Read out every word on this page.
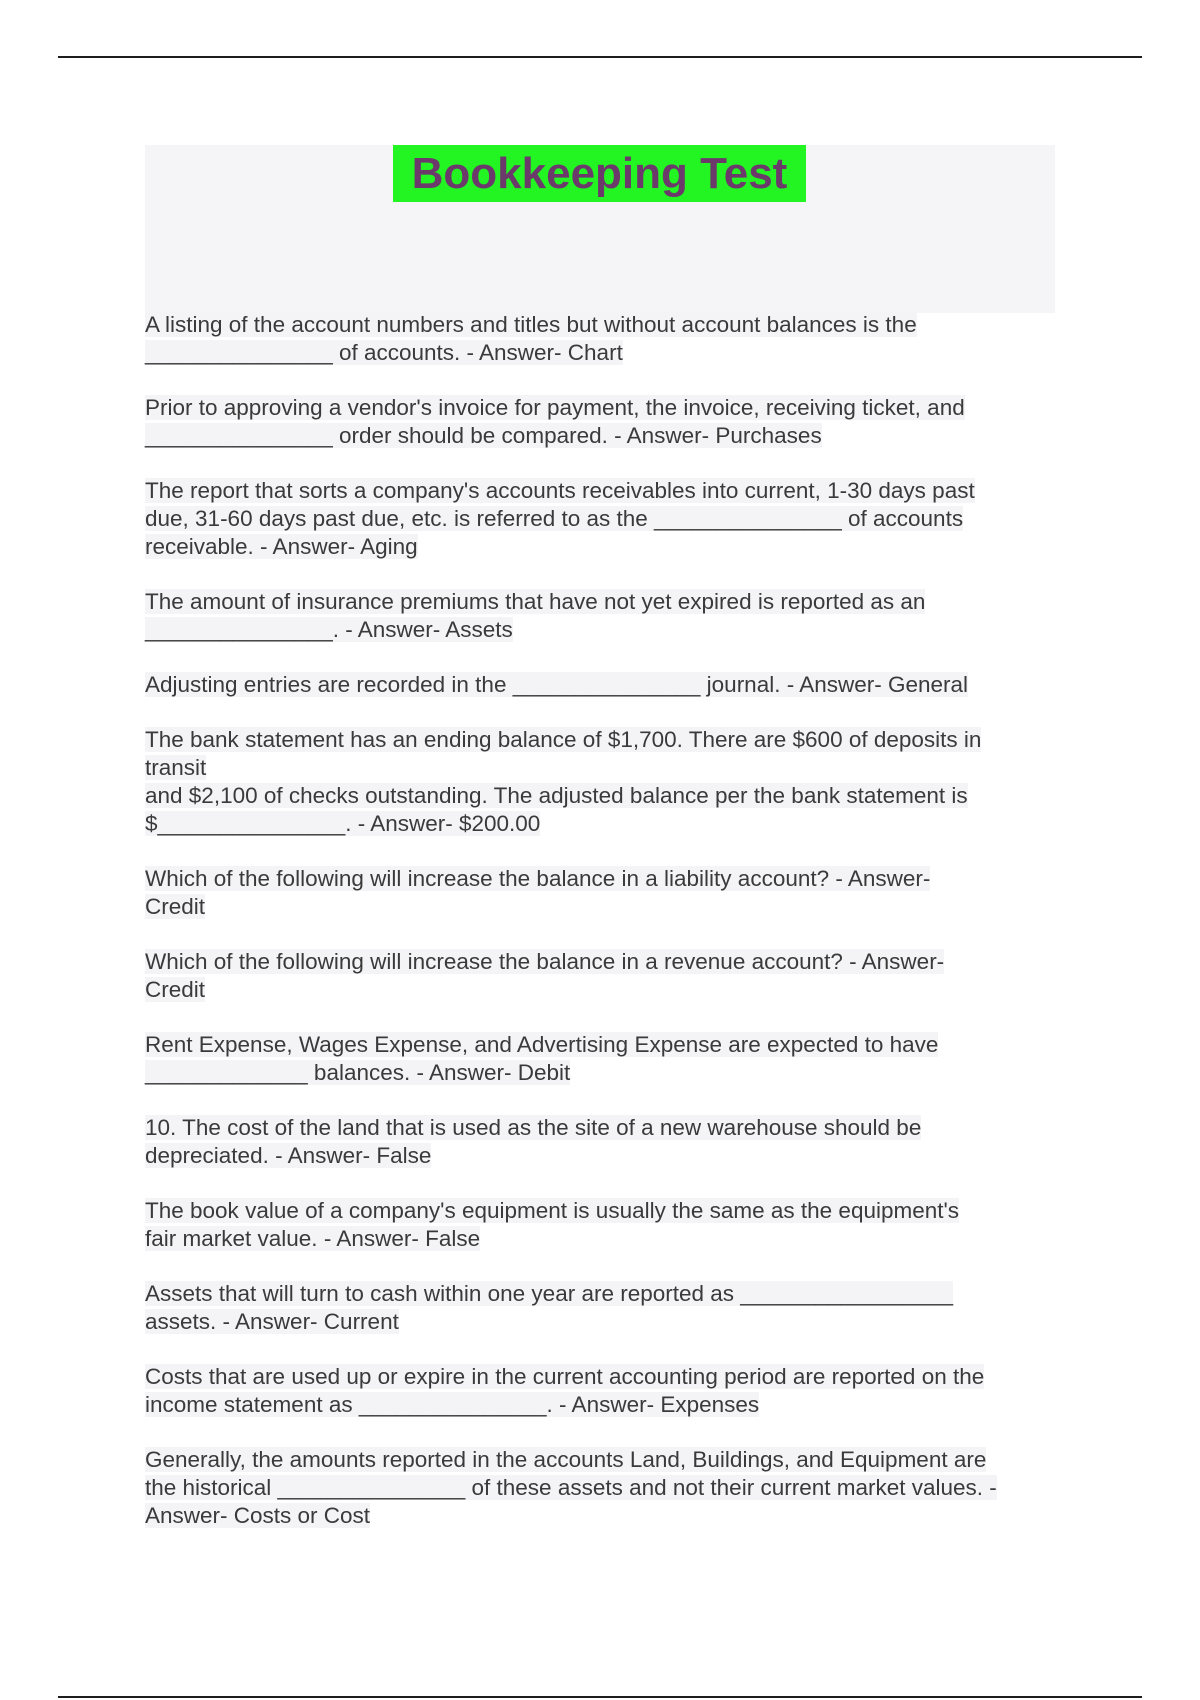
Bookkeeping Test
A listing of the account numbers and titles but without account balances is the
_______________ of accounts. - Answer- Chart
Prior to approving a vendor's invoice for payment, the invoice, receiving ticket, and
_______________ order should be compared. - Answer- Purchases
The report that sorts a company's accounts receivables into current, 1-30 days past
due, 31-60 days past due, etc. is referred to as the _______________ of accounts
receivable. - Answer- Aging
The amount of insurance premiums that have not yet expired is reported as an
_______________. - Answer- Assets
Adjusting entries are recorded in the _______________ journal. - Answer- General
The bank statement has an ending balance of $1,700. There are $600 of deposits in
transit
and $2,100 of checks outstanding. The adjusted balance per the bank statement is
$_______________. - Answer- $200.00
Which of the following will increase the balance in a liability account? - Answer-
Credit
Which of the following will increase the balance in a revenue account? - Answer-
Credit
Rent Expense, Wages Expense, and Advertising Expense are expected to have
_____________ balances. - Answer- Debit
10. The cost of the land that is used as the site of a new warehouse should be
depreciated. - Answer- False
The book value of a company's equipment is usually the same as the equipment's
fair market value. - Answer- False
Assets that will turn to cash within one year are reported as _________________
assets. - Answer- Current
Costs that are used up or expire in the current accounting period are reported on the
income statement as _______________. - Answer- Expenses
Generally, the amounts reported in the accounts Land, Buildings, and Equipment are
the historical _______________ of these assets and not their current market values. -
Answer- Costs or Cost
